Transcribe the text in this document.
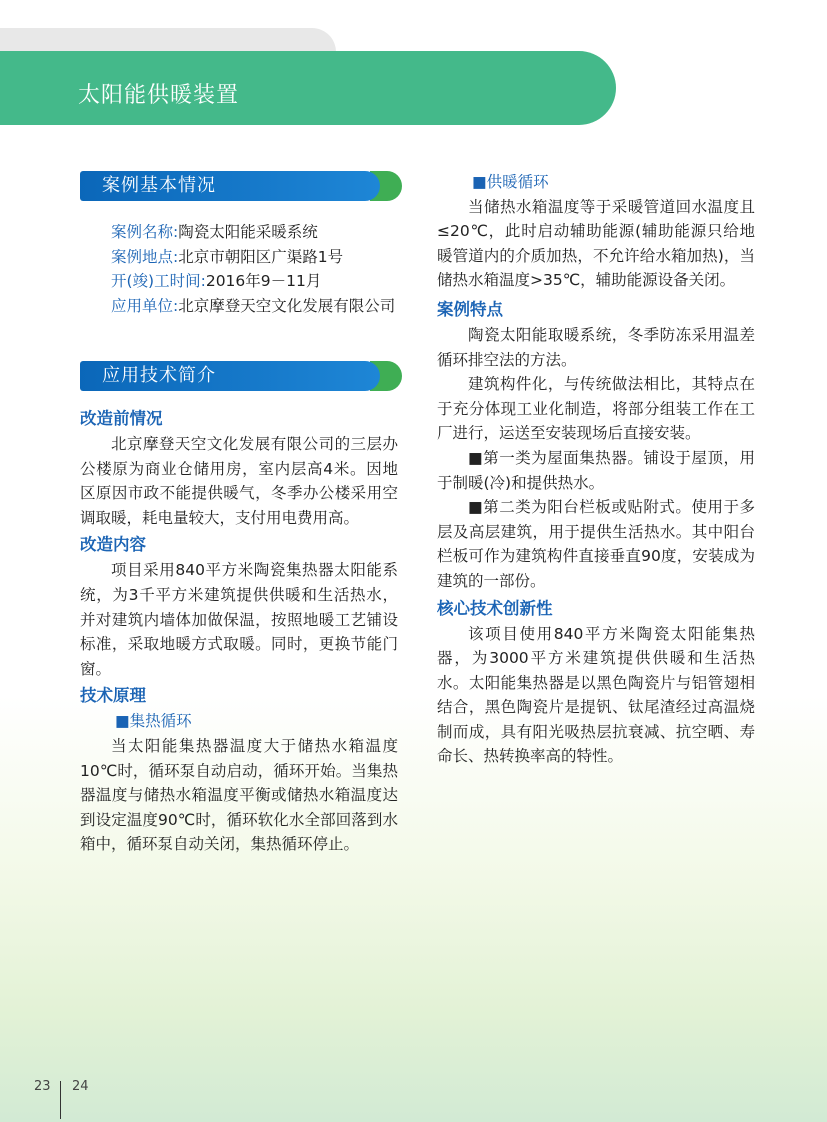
太阳能供暖装置
案例基本情况

案例名称:陶瓷太阳能采暖系统

案例地点:北京市朝阳区广渠路1号

开(竣)工时间:2016年9－11月

应用单位:北京摩登天空文化发展有限公司

应用技术简介

改造前情况

北京摩登天空文化发展有限公司的三层办公楼原为商业仓储用房，室内层高4米。因地区原因市政不能提供暖气，冬季办公楼采用空调取暖，耗电量较大，支付用电费用高。

改造内容

项目采用840平方米陶瓷集热器太阳能系统，为3千平方米建筑提供供暖和生活热水，并对建筑内墙体加做保温，按照地暖工艺铺设标准，采取地暖方式取暖。同时，更换节能门窗。

技术原理

■集热循环

当太阳能集热器温度大于储热水箱温度10℃时，循环泵自动启动，循环开始。当集热器温度与储热水箱温度平衡或储热水箱温度达到设定温度90℃时，循环软化水全部回落到水箱中，循环泵自动关闭，集热循环停止。

■供暖循环

当储热水箱温度等于采暖管道回水温度且≤20℃，此时启动辅助能源(辅助能源只给地暖管道内的介质加热，不允许给水箱加热)，当储热水箱温度>35℃，辅助能源设备关闭。

案例特点

陶瓷太阳能取暖系统，冬季防冻采用温差循环排空法的方法。

建筑构件化，与传统做法相比，其特点在于充分体现工业化制造，将部分组装工作在工厂进行，运送至安装现场后直接安装。

■第一类为屋面集热器。铺设于屋顶，用于制暖(冷)和提供热水。

■第二类为阳台栏板或贴附式。使用于多层及高层建筑，用于提供生活热水。其中阳台栏板可作为建筑构件直接垂直90度，安装成为建筑的一部份。

核心技术创新性

该项目使用840平方米陶瓷太阳能集热器，为3000平方米建筑提供供暖和生活热水。太阳能集热器是以黑色陶瓷片与铝管翅相结合，黑色陶瓷片是提钒、钛尾渣经过高温烧制而成，具有阳光吸热层抗衰减、抗空晒、寿命长、热转换率高的特性。

23 24
